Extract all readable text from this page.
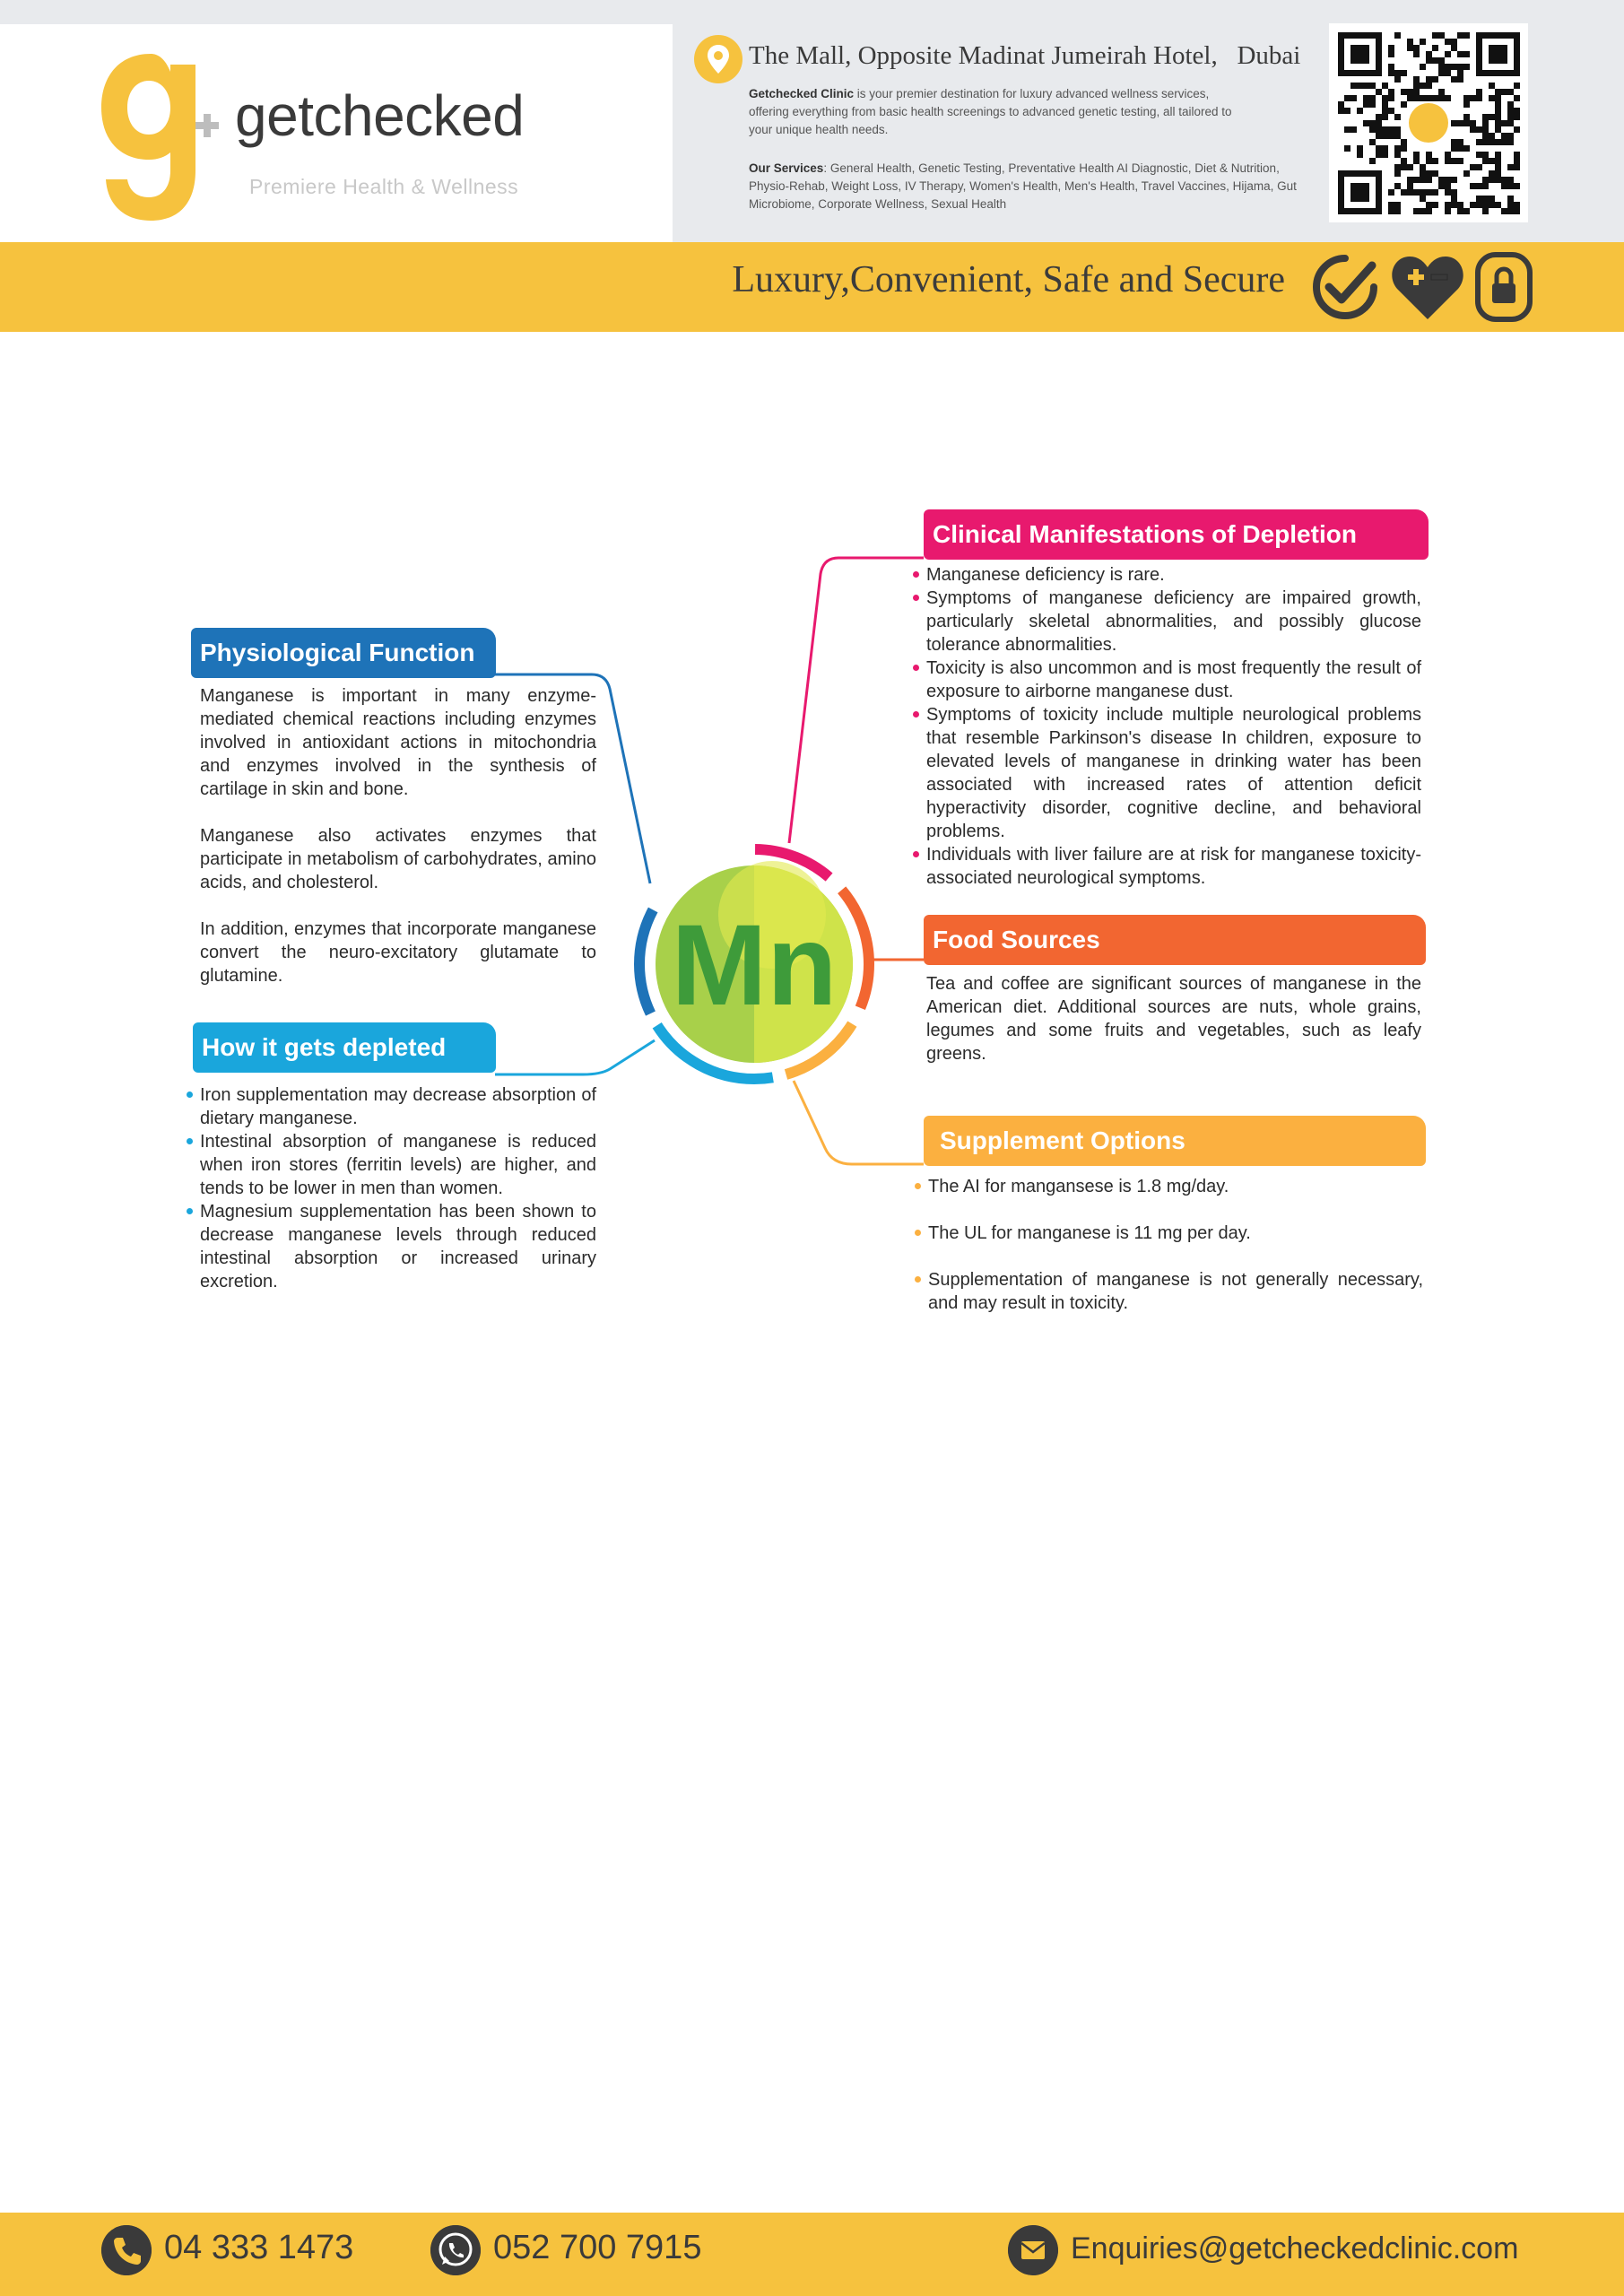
getchecked
Premiere Health & Wellness
The Mall, Opposite Madinat Jumeirah Hotel,   Dubai
Getchecked Clinic is your premier destination for luxury advanced wellness services, offering everything from basic health screenings to advanced genetic testing, all tailored to your unique health needs.
Our Services: General Health, Genetic Testing, Preventative Health AI Diagnostic, Diet & Nutrition, Physio-Rehab, Weight Loss, IV Therapy, Women's Health, Men's Health, Travel Vaccines, Hijama, Gut Microbiome, Corporate Wellness, Sexual Health
Luxury,Convenient, Safe and Secure
Mn
Physiological Function

Manganese is important in many enzyme-mediated chemical reactions including enzymes involved in antioxidant actions in mitochondria and enzymes involved in the synthesis of cartilage in skin and bone.

Manganese also activates enzymes that participate in metabolism of carbohydrates, amino acids, and cholesterol.

In addition, enzymes that incorporate manganese convert the neuro-excitatory glutamate to glutamine.

How it gets depleted
Iron supplementation may decrease absorption of dietary manganese.
Intestinal absorption of manganese is reduced when iron stores (ferritin levels) are higher, and tends to be lower in men than women.
Magnesium supplementation has been shown to decrease manganese levels through reduced intestinal absorption or increased urinary excretion.
Clinical Manifestations of Depletion
Manganese deficiency is rare.
Symptoms of manganese deficiency are impaired growth, particularly skeletal abnormalities, and possibly glucose tolerance abnormalities.
Toxicity is also uncommon and is most frequently the result of exposure to airborne manganese dust.
Symptoms of toxicity include multiple neurological problems that resemble Parkinson's disease In children, exposure to elevated levels of manganese in drinking water has been associated with increased rates of attention deficit hyperactivity disorder, cognitive decline, and behavioral problems.
Individuals with liver failure are at risk for manganese toxicity-associated neurological symptoms.
Food Sources
Tea and coffee are significant sources of manganese in the American diet. Additional sources are nuts, whole grains, legumes and some fruits and vegetables, such as leafy greens.
Supplement Options
The AI for mangansese is 1.8 mg/day.
The UL for manganese is 11 mg per day.
Supplementation of manganese is not generally necessary, and may result in toxicity.
04 333 1473	052 700 7915	Enquiries@getcheckedclinic.com
